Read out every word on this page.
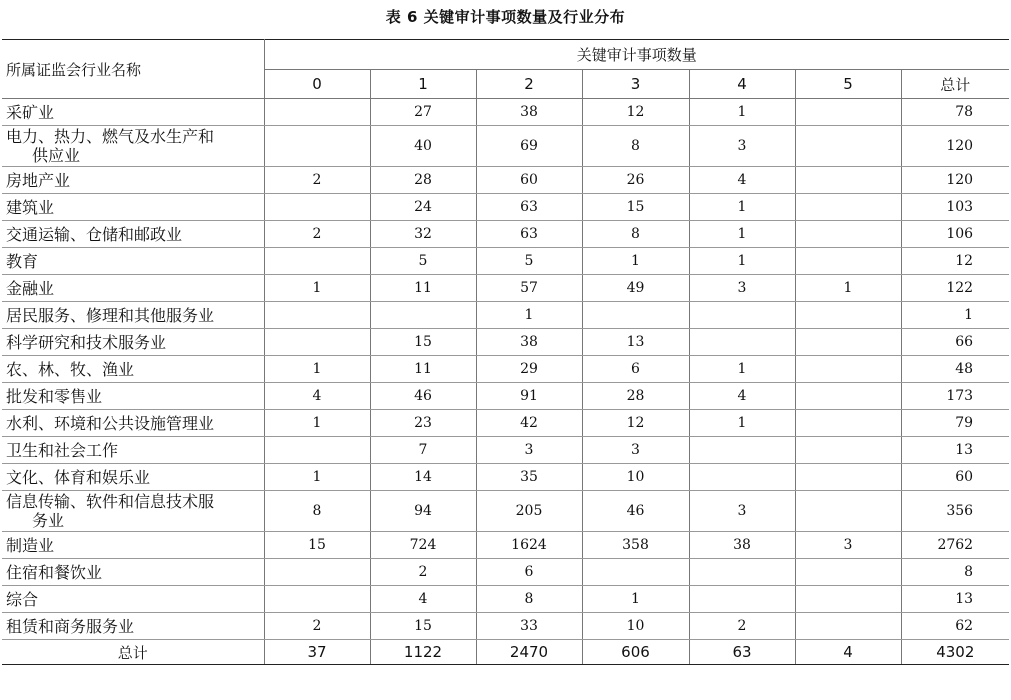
表 6 关键审计事项数量及行业分布
所属证监会行业名称	关键审计事项数量						
	0	1	2	3	4	5	总计
采矿业		27	38	12	1		78

电力、热力、燃气及水生产和
供应业		40	69	8	3		120
房地产业	2	28	60	26	4		120
建筑业		24	63	15	1		103
交通运输、仓储和邮政业	2	32	63	8	1		106
教育		5	5	1	1		12
金融业	1	11	57	49	3	1	122
居民服务、修理和其他服务业			1				1
科学研究和技术服务业		15	38	13			66
农、林、牧、渔业	1	11	29	6	1		48
批发和零售业	4	46	91	28	4		173
水利、环境和公共设施管理业	1	23	42	12	1		79
卫生和社会工作		7	3	3			13
文化、体育和娱乐业	1	14	35	10			60

信息传输、软件和信息技术服
务业	8	94	205	46	3		356
制造业	15	724	1624	358	38	3	2762
住宿和餐饮业		2	6				8
综合		4	8	1			13
租赁和商务服务业	2	15	33	10	2		62
总计	37	1122	2470	606	63	4	4302
